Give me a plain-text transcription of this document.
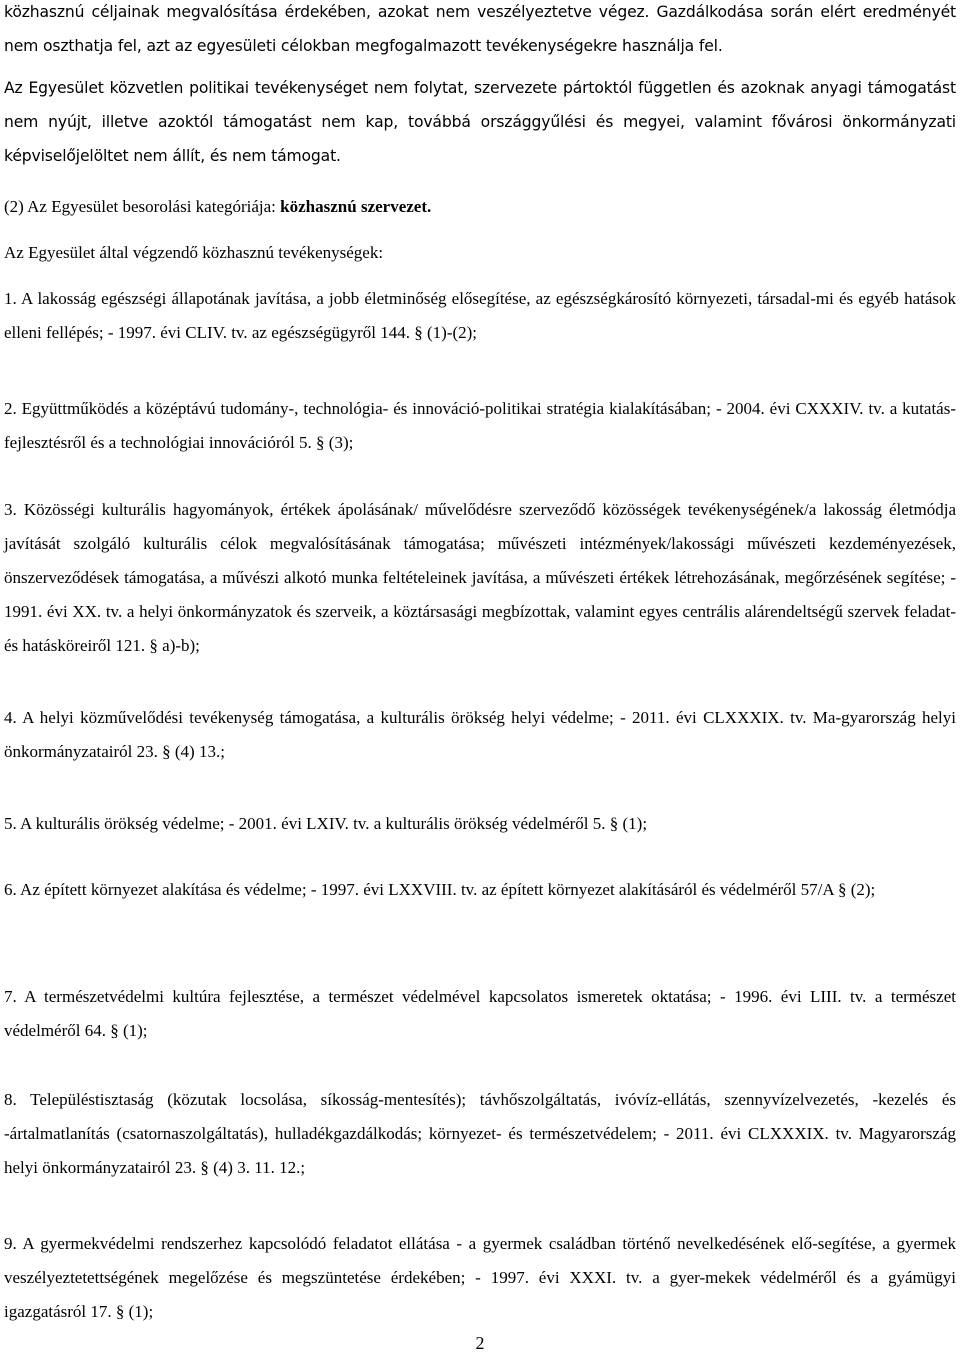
közhasznú céljainak megvalósítása érdekében, azokat nem veszélyeztetve végez. Gazdálkodása során elért eredményét nem oszthatja fel, azt az egyesületi célokban megfogalmazott tevékenységekre használja fel.

Az Egyesület közvetlen politikai tevékenységet nem folytat, szervezete pártoktól független és azoknak anyagi támogatást nem nyújt, illetve azoktól támogatást nem kap, továbbá országgyűlési és megyei, valamint fővárosi önkormányzati képviselőjelöltet nem állít, és nem támogat.

(2) Az Egyesület besorolási kategóriája: közhasznú szervezet.

Az Egyesület által végzendő közhasznú tevékenységek:

1. A lakosság egészségi állapotának javítása, a jobb életminőség elősegítése, az egészségkárosító környezeti, társadal-mi és egyéb hatások elleni fellépés; - 1997. évi CLIV. tv. az egészségügyről 144. § (1)-(2);

2. Együttműködés a középtávú tudomány-, technológia- és innováció-politikai stratégia kialakításában; - 2004. évi CXXXIV. tv. a kutatás-fejlesztésről és a technológiai innovációról 5. § (3);

3. Közösségi kulturális hagyományok, értékek ápolásának/ művelődésre szerveződő közösségek tevékenységének/a lakosság életmódja javítását szolgáló kulturális célok megvalósításának támogatása; művészeti intézmények/lakossági művészeti kezdeményezések, önszerveződések támogatása, a művészi alkotó munka feltételeinek javítása, a művészeti értékek létrehozásának, megőrzésének segítése; - 1991. évi XX. tv. a helyi önkormányzatok és szerveik, a köztársasági megbízottak, valamint egyes centrális alárendeltségű szervek feladat- és hatásköreiről 121. § a)-b);

4. A helyi közművelődési tevékenység támogatása, a kulturális örökség helyi védelme; - 2011. évi CLXXXIX. tv. Ma-gyarország helyi önkormányzatairól 23. § (4) 13.;

5. A kulturális örökség védelme; - 2001. évi LXIV. tv. a kulturális örökség védelméről 5. § (1);

6. Az épített környezet alakítása és védelme; - 1997. évi LXXVIII. tv. az épített környezet alakításáról és védelméről 57/A § (2);

7. A természetvédelmi kultúra fejlesztése, a természet védelmével kapcsolatos ismeretek oktatása; - 1996. évi LIII. tv. a természet védelméről 64. § (1);

8. Településtisztaság (közutak locsolása, síkosság-mentesítés); távhőszolgáltatás, ivóvíz-ellátás, szennyvízelvezetés, -kezelés és -ártalmatlanítás (csatornaszolgáltatás), hulladékgazdálkodás; környezet- és természetvédelem; - 2011. évi CLXXXIX. tv. Magyarország helyi önkormányzatairól 23. § (4) 3. 11. 12.;

9. A gyermekvédelmi rendszerhez kapcsolódó feladatot ellátása - a gyermek családban történő nevelkedésének elő-segítése, a gyermek veszélyeztetettségének megelőzése és megszüntetése érdekében; - 1997. évi XXXI. tv. a gyer-mekek védelméről és a gyámügyi igazgatásról 17. § (1);

2
